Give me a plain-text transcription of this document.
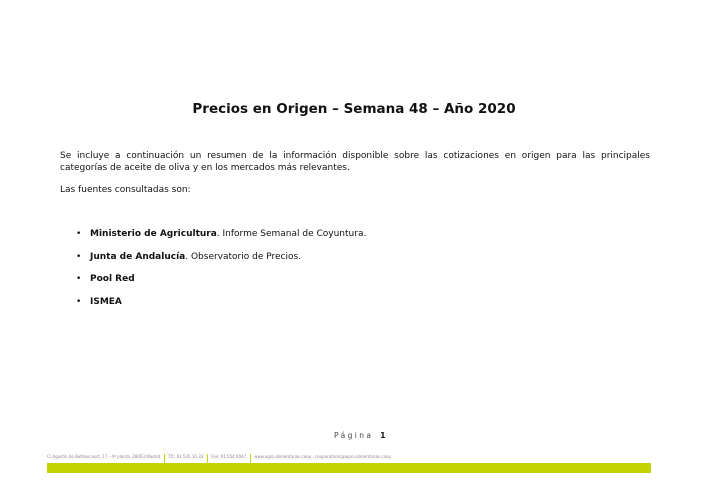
Precios en Origen – Semana 48 – Año 2020

Se incluye a continuación un resumen de la información disponible sobre las cotizaciones en origen para las principales categorías de aceite de oliva y en los mercados más relevantes.

Las fuentes consultadas son:

• Ministerio de Agricultura. Informe Semanal de Coyuntura.
• Junta de Andalucía. Observatorio de Precios.
• Pool Red
• ISMEA
Página 1
C/ Agustín de Bethencourt, 17 - 4ª planta. 28003 Madrid Tlf.: 91 535 10 33 Fax: 91 554 0047 www.agro-alimentarias.coop · cooperativas@agro-alimentarias.coop
